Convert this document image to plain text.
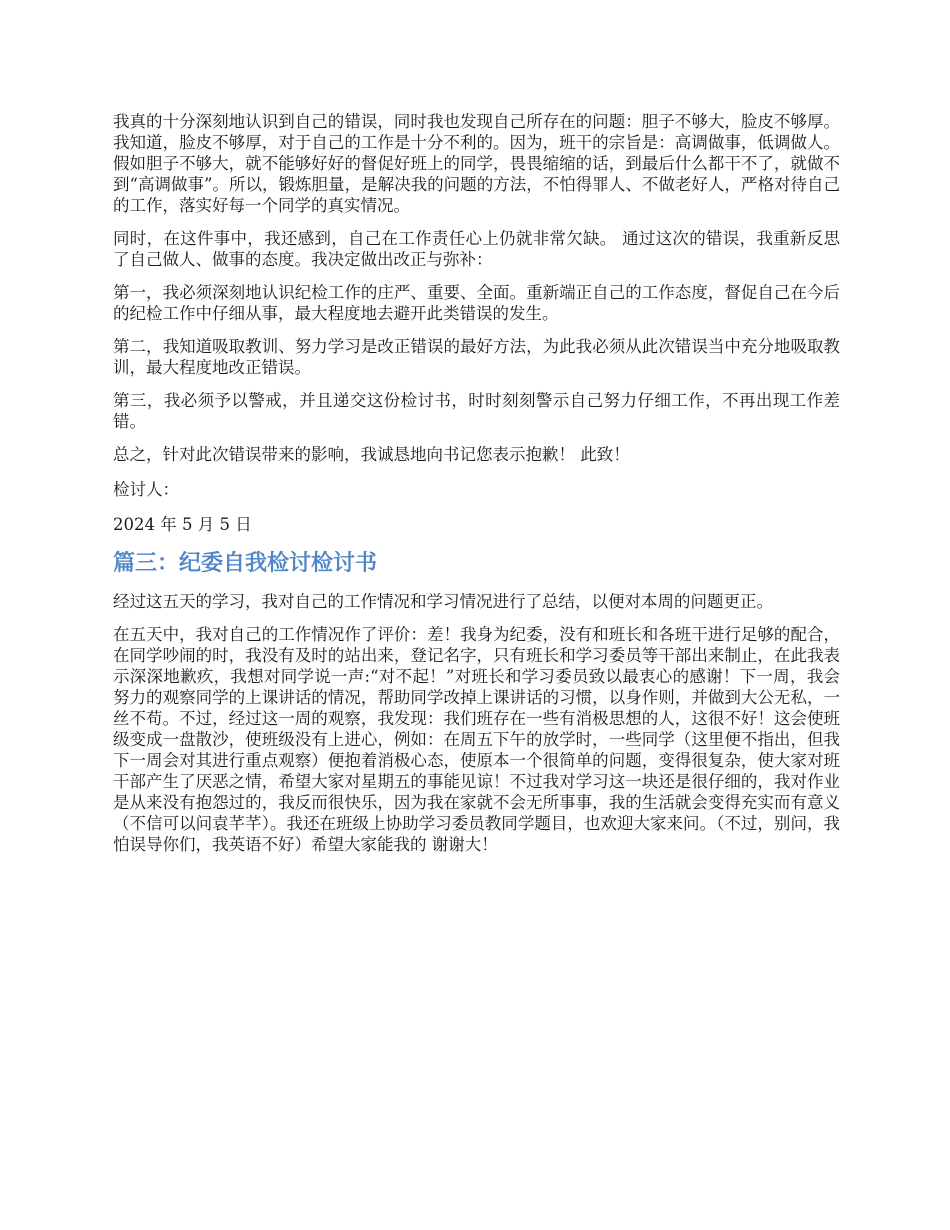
我真的十分深刻地认识到自己的错误，同时我也发现自己所存在的问题：胆子不够大，脸皮不够厚。我知道，脸皮不够厚，对于自己的工作是十分不利的。因为，班干的宗旨是：高调做事，低调做人。假如胆子不够大，就不能够好好的督促好班上的同学，畏畏缩缩的话，到最后什么都干不了，就做不到“高调做事”。所以，锻炼胆量，是解决我的问题的方法，不怕得罪人、不做老好人，严格对待自己的工作，落实好每一个同学的真实情况。

同时，在这件事中，我还感到，自己在工作责任心上仍就非常欠缺。 通过这次的错误，我重新反思了自己做人、做事的态度。我决定做出改正与弥补：

第一，我必须深刻地认识纪检工作的庄严、重要、全面。重新端正自己的工作态度，督促自己在今后的纪检工作中仔细从事，最大程度地去避开此类错误的发生。

第二，我知道吸取教训、努力学习是改正错误的最好方法，为此我必须从此次错误当中充分地吸取教训，最大程度地改正错误。

第三，我必须予以警戒，并且递交这份检讨书，时时刻刻警示自己努力仔细工作，不再出现工作差错。

总之，针对此次错误带来的影响，我诚恳地向书记您表示抱歉！ 此致！

检讨人：

2024 年 5 月 5 日

篇三：纪委自我检讨检讨书

经过这五天的学习，我对自己的工作情况和学习情况进行了总结，以便对本周的问题更正。

在五天中，我对自己的工作情况作了评价：差！我身为纪委，没有和班长和各班干进行足够的配合，在同学吵闹的时，我没有及时的站出来，登记名字，只有班长和学习委员等干部出来制止，在此我表示深深地歉疚，我想对同学说一声:“对不起！”对班长和学习委员致以最衷心的感谢！下一周，我会努力的观察同学的上课讲话的情况，帮助同学改掉上课讲话的习惯，以身作则，并做到大公无私，一丝不苟。不过，经过这一周的观察，我发现：我们班存在一些有消极思想的人，这很不好！这会使班级变成一盘散沙，使班级没有上进心，例如：在周五下午的放学时，一些同学（这里便不指出，但我下一周会对其进行重点观察）便抱着消极心态，使原本一个很简单的问题，变得很复杂，使大家对班干部产生了厌恶之情，希望大家对星期五的事能见谅！不过我对学习这一块还是很仔细的，我对作业是从来没有抱怨过的，我反而很快乐，因为我在家就不会无所事事，我的生活就会变得充实而有意义（不信可以问袁芊芊）。我还在班级上协助学习委员教同学题目，也欢迎大家来问。（不过，别问，我怕误导你们，我英语不好）希望大家能我的 谢谢大！
